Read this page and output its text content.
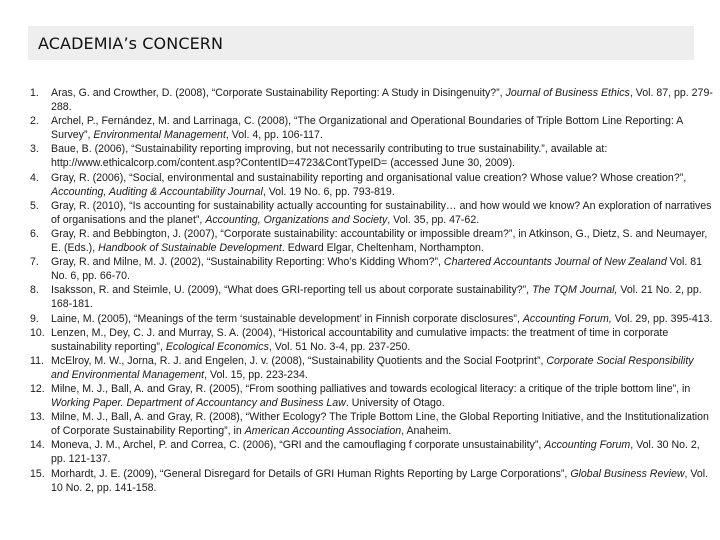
ACADEMIA’s CONCERN
1. Aras, G. and Crowther, D. (2008), “Corporate Sustainability Reporting: A Study in Disingenuity?”, Journal of Business Ethics, Vol. 87, pp. 279-288.
2. Archel, P., Fernández, M. and Larrinaga, C. (2008), “The Organizational and Operational Boundaries of Triple Bottom Line Reporting: A Survey”, Environmental Management, Vol. 4, pp. 106-117.
3. Baue, B. (2006), “Sustainability reporting improving, but not necessarily contributing to true sustainability.”, available at: http://www.ethicalcorp.com/content.asp?ContentID=4723&ContTypeID= (accessed June 30, 2009).
4. Gray, R. (2006), “Social, environmental and sustainability reporting and organisational value creation? Whose value? Whose creation?”, Accounting, Auditing & Accountability Journal, Vol. 19 No. 6, pp. 793-819.
5. Gray, R. (2010), “Is accounting for sustainability actually accounting for sustainability… and how would we know? An exploration of narratives of organisations and the planet”, Accounting, Organizations and Society, Vol. 35, pp. 47-62.
6. Gray, R. and Bebbington, J. (2007), “Corporate sustainability: accountability or impossible dream?”, in Atkinson, G., Dietz, S. and Neumayer, E. (Eds.), Handbook of Sustainable Development. Edward Elgar, Cheltenham, Northampton.
7. Gray, R. and Milne, M. J. (2002), “Sustainability Reporting: Who’s Kidding Whom?”, Chartered Accountants Journal of New Zealand Vol. 81 No. 6, pp. 66-70.
8. Isaksson, R. and Steimle, U. (2009), “What does GRI-reporting tell us about corporate sustainability?”, The TQM Journal, Vol. 21 No. 2, pp. 168-181.
9. Laine, M. (2005), “Meanings of the term ‘sustainable development’ in Finnish corporate disclosures”, Accounting Forum, Vol. 29, pp. 395-413.
10. Lenzen, M., Dey, C. J. and Murray, S. A. (2004), “Historical accountability and cumulative impacts: the treatment of time in corporate sustainability reporting”, Ecological Economics, Vol. 51 No. 3-4, pp. 237-250.
11. McElroy, M. W., Jorna, R. J. and Engelen, J. v. (2008), “Sustainability Quotients and the Social Footprint”, Corporate Social Responsibility and Environmental Management, Vol. 15, pp. 223-234.
12. Milne, M. J., Ball, A. and Gray, R. (2005), “From soothing palliatives and towards ecological literacy: a critique of the triple bottom line”, in Working Paper. Department of Accountancy and Business Law. University of Otago.
13. Milne, M. J., Ball, A. and Gray, R. (2008), “Wither Ecology? The Triple Bottom Line, the Global Reporting Initiative, and the Institutionalization of Corporate Sustainability Reporting”, in American Accounting Association, Anaheim.
14. Moneva, J. M., Archel, P. and Correa, C. (2006), “GRI and the camouflaging f corporate unsustainability”, Accounting Forum, Vol. 30 No. 2, pp. 121-137.
15. Morhardt, J. E. (2009), “General Disregard for Details of GRI Human Rights Reporting by Large Corporations”, Global Business Review, Vol. 10 No. 2, pp. 141-158.
